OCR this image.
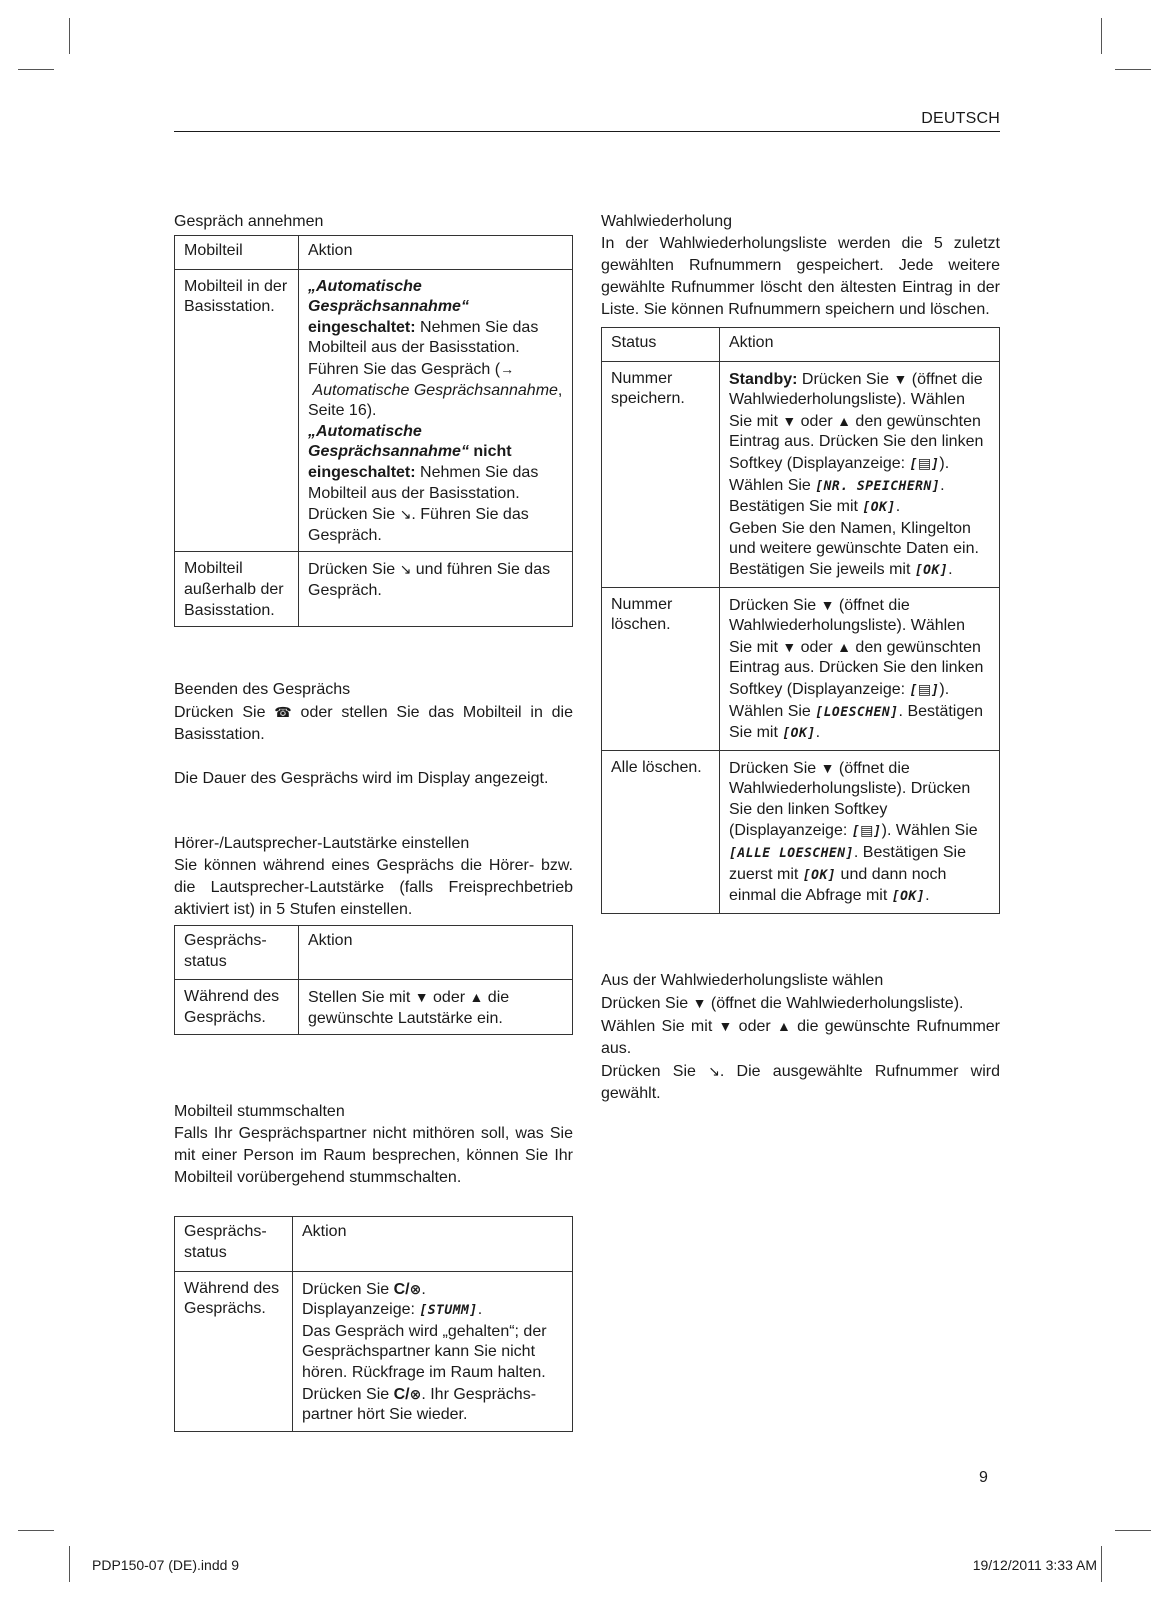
DEUTSCH
Gespräch annehmen
Mobilteil	Aktion
Mobilteil in der Basisstation.	„Automatische Gesprächsannahme“ eingeschaltet: Nehmen Sie das Mobilteil aus der Basisstation. Führen Sie das Gespräch (→ Automatische Gesprächsannahme, Seite 16).
„Automatische Gesprächsannahme“ nicht eingeschaltet: Nehmen Sie das Mobilteil aus der Basisstation. Drücken Sie ↘. Führen Sie das Gespräch.
Mobilteil außerhalb der Basisstation.	Drücken Sie ↘ und führen Sie das Gespräch.
Beenden des Gesprächs

Drücken Sie ☎ oder stellen Sie das Mobilteil in die Basisstation.

Die Dauer des Gesprächs wird im Display angezeigt.

Hörer-/Lautsprecher-Lautstärke einstellen

Sie können während eines Gesprächs die Hörer- bzw. die Lautsprecher-Lautstärke (falls Freisprechbetrieb aktiviert ist) in 5 Stufen einstellen.

Gesprächs-status	Aktion
Während des Gesprächs.	Stellen Sie mit ▼ oder ▲ die gewünschte Lautstärke ein.
Mobilteil stummschalten

Falls Ihr Gesprächspartner nicht mithören soll, was Sie mit einer Person im Raum besprechen, können Sie Ihr Mobilteil vorübergehend stummschalten.

Gesprächs-status	Aktion
Während des Gesprächs.	Drücken Sie C/⊗.
Displayanzeige: [STUMM].
Das Gespräch wird „gehalten“; der Gesprächspartner kann Sie nicht hören. Rückfrage im Raum halten.
Drücken Sie C/⊗. Ihr Gesprächs-partner hört Sie wieder.
Wahlwiederholung

In der Wahlwiederholungsliste werden die 5 zuletzt gewählten Rufnummern gespeichert. Jede weitere gewählte Rufnummer löscht den ältesten Eintrag in der Liste. Sie können Rufnummern speichern und löschen.

Status	Aktion
Nummer speichern.	Standby: Drücken Sie ▼ (öffnet die Wahlwiederholungsliste). Wählen Sie mit ▼ oder ▲ den gewünschten Eintrag aus. Drücken Sie den linken Softkey (Displayanzeige: [▤]). Wählen Sie [NR. SPEICHERN]. Bestätigen Sie mit [OK].
Geben Sie den Namen, Klingelton und weitere gewünschte Daten ein. Bestätigen Sie jeweils mit [OK].
Nummer löschen.	Drücken Sie ▼ (öffnet die Wahlwiederholungsliste). Wählen Sie mit ▼ oder ▲ den gewünschten Eintrag aus. Drücken Sie den linken Softkey (Displayanzeige: [▤]). Wählen Sie [LOESCHEN]. Bestätigen Sie mit [OK].
Alle löschen.	Drücken Sie ▼ (öffnet die Wahlwiederholungsliste). Drücken Sie den linken Softkey (Displayanzeige: [▤]). Wählen Sie [ALLE LOESCHEN]. Bestätigen Sie zuerst mit [OK] und dann noch einmal die Abfrage mit [OK].
Aus der Wahlwiederholungsliste wählen

Drücken Sie ▼ (öffnet die Wahlwiederholungsliste).

Wählen Sie mit ▼ oder ▲ die gewünschte Rufnummer aus.

Drücken Sie ↘. Die ausgewählte Rufnummer wird gewählt.

9
PDP150-07 (DE).indd 9	19/12/2011 3:33 AM
